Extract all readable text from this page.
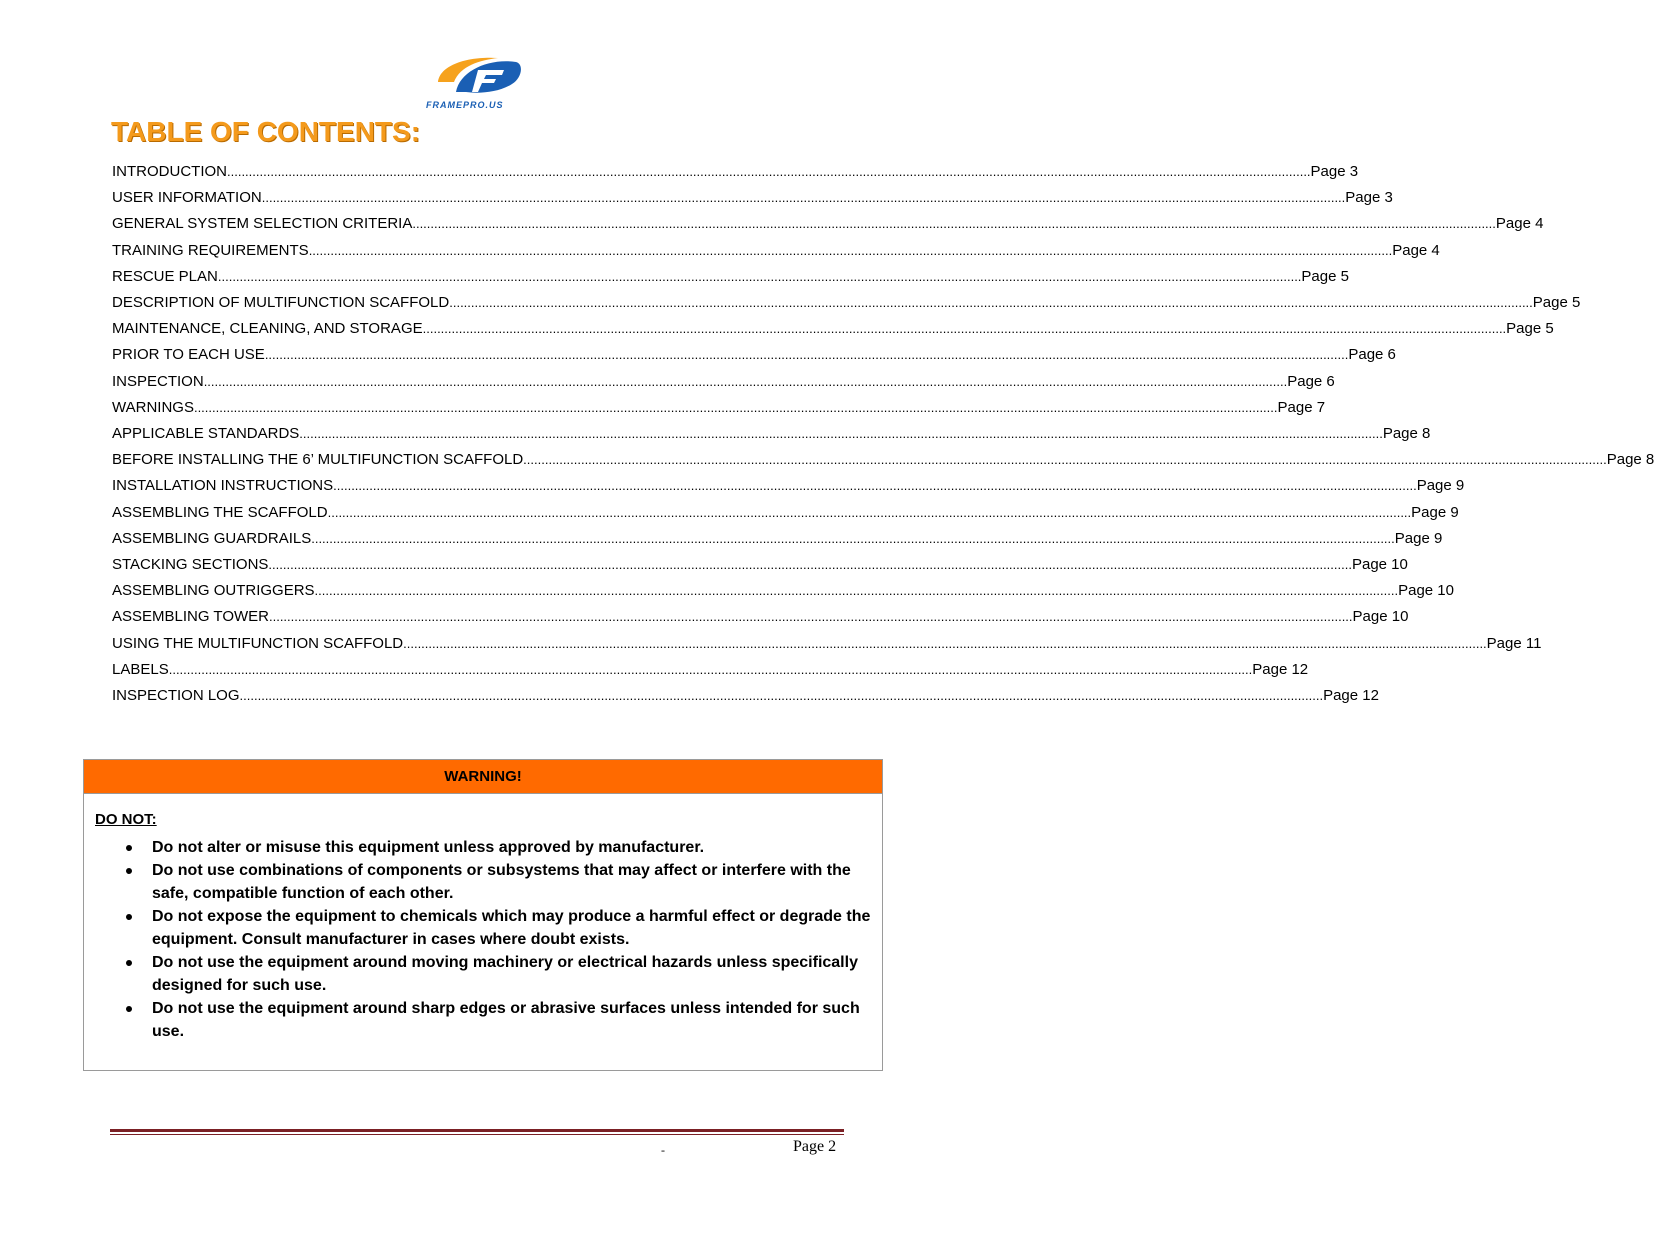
FRAMEPRO.US
TABLE OF CONTENTS:
INTRODUCTION ............................................................................................................................................................................................................................................................................................................ Page 3
USER INFORMATION ............................................................................................................................................................................................................................................................................................................ Page 3
GENERAL SYSTEM SELECTION CRITERIA ............................................................................................................................................................................................................................................................................................................ Page 4
TRAINING REQUIREMENTS ............................................................................................................................................................................................................................................................................................................ Page 4
RESCUE PLAN ............................................................................................................................................................................................................................................................................................................ Page 5
DESCRIPTION OF MULTIFUNCTION SCAFFOLD ............................................................................................................................................................................................................................................................................................................ Page 5
MAINTENANCE, CLEANING, AND STORAGE ............................................................................................................................................................................................................................................................................................................ Page 5
PRIOR TO EACH USE ............................................................................................................................................................................................................................................................................................................ Page 6
INSPECTION ............................................................................................................................................................................................................................................................................................................ Page 6
WARNINGS ............................................................................................................................................................................................................................................................................................................ Page 7
APPLICABLE STANDARDS ............................................................................................................................................................................................................................................................................................................ Page 8
BEFORE INSTALLING THE 6’ MULTIFUNCTION SCAFFOLD ............................................................................................................................................................................................................................................................................................................ Page 8
INSTALLATION INSTRUCTIONS ............................................................................................................................................................................................................................................................................................................ Page 9
ASSEMBLING THE SCAFFOLD ............................................................................................................................................................................................................................................................................................................ Page 9
ASSEMBLING GUARDRAILS ............................................................................................................................................................................................................................................................................................................ Page 9
STACKING SECTIONS ............................................................................................................................................................................................................................................................................................................ Page 10
ASSEMBLING OUTRIGGERS ............................................................................................................................................................................................................................................................................................................ Page 10
ASSEMBLING TOWER ............................................................................................................................................................................................................................................................................................................ Page 10
USING THE MULTIFUNCTION SCAFFOLD ............................................................................................................................................................................................................................................................................................................ Page 11
LABELS ............................................................................................................................................................................................................................................................................................................ Page 12
INSPECTION LOG ............................................................................................................................................................................................................................................................................................................ Page 12
WARNING!
DO NOT:
Do not alter or misuse this equipment unless approved by manufacturer.
Do not use combinations of components or subsystems that may affect or interfere with the safe, compatible function of each other.
Do not expose the equipment to chemicals which may produce a harmful effect or degrade the equipment. Consult manufacturer in cases where doubt exists.
Do not use the equipment around moving machinery or electrical hazards unless specifically designed for such use.
Do not use the equipment around sharp edges or abrasive surfaces unless intended for such use.
-	Page 2
